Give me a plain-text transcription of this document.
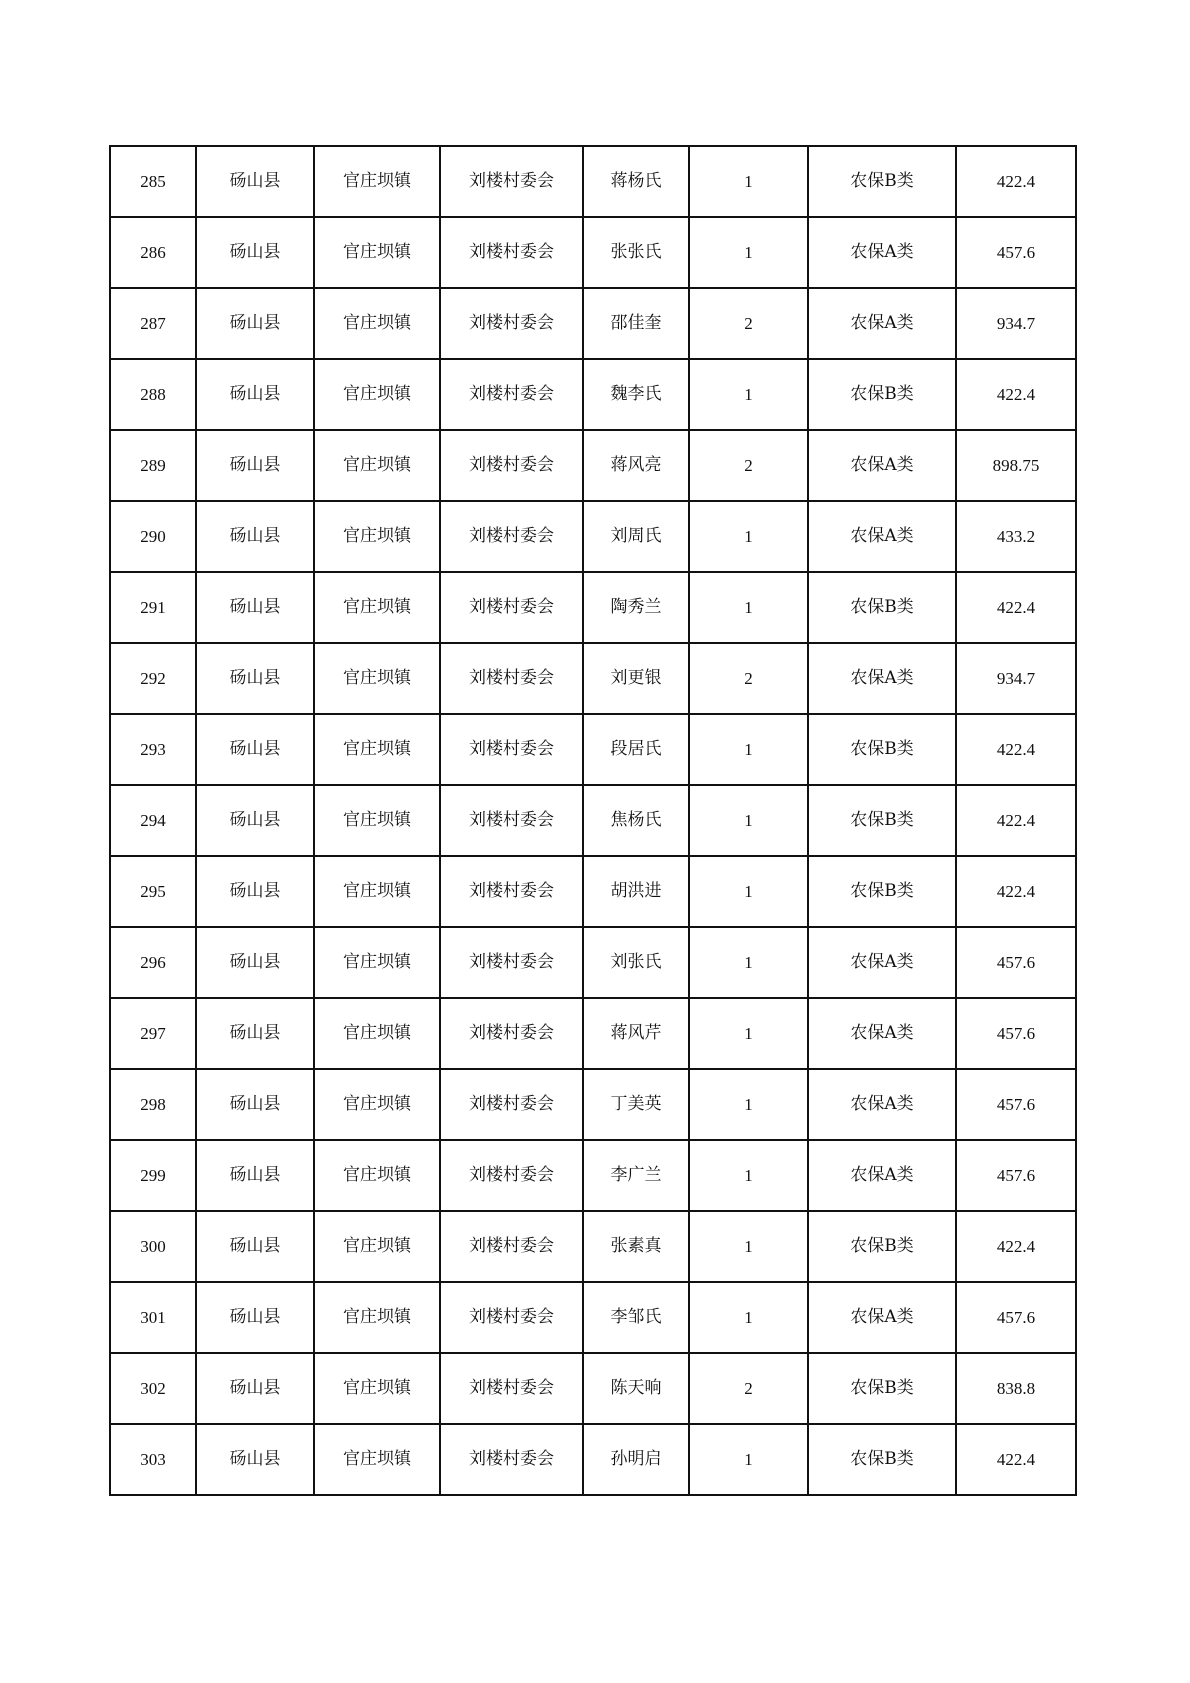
285	砀山县	官庄坝镇	刘楼村委会	蒋杨氏	1	农保B类	422.4
286	砀山县	官庄坝镇	刘楼村委会	张张氏	1	农保A类	457.6
287	砀山县	官庄坝镇	刘楼村委会	邵佳奎	2	农保A类	934.7
288	砀山县	官庄坝镇	刘楼村委会	魏李氏	1	农保B类	422.4
289	砀山县	官庄坝镇	刘楼村委会	蒋风亮	2	农保A类	898.75
290	砀山县	官庄坝镇	刘楼村委会	刘周氏	1	农保A类	433.2
291	砀山县	官庄坝镇	刘楼村委会	陶秀兰	1	农保B类	422.4
292	砀山县	官庄坝镇	刘楼村委会	刘更银	2	农保A类	934.7
293	砀山县	官庄坝镇	刘楼村委会	段居氏	1	农保B类	422.4
294	砀山县	官庄坝镇	刘楼村委会	焦杨氏	1	农保B类	422.4
295	砀山县	官庄坝镇	刘楼村委会	胡洪进	1	农保B类	422.4
296	砀山县	官庄坝镇	刘楼村委会	刘张氏	1	农保A类	457.6
297	砀山县	官庄坝镇	刘楼村委会	蒋风芹	1	农保A类	457.6
298	砀山县	官庄坝镇	刘楼村委会	丁美英	1	农保A类	457.6
299	砀山县	官庄坝镇	刘楼村委会	李广兰	1	农保A类	457.6
300	砀山县	官庄坝镇	刘楼村委会	张素真	1	农保B类	422.4
301	砀山县	官庄坝镇	刘楼村委会	李邹氏	1	农保A类	457.6
302	砀山县	官庄坝镇	刘楼村委会	陈天响	2	农保B类	838.8
303	砀山县	官庄坝镇	刘楼村委会	孙明启	1	农保B类	422.4
